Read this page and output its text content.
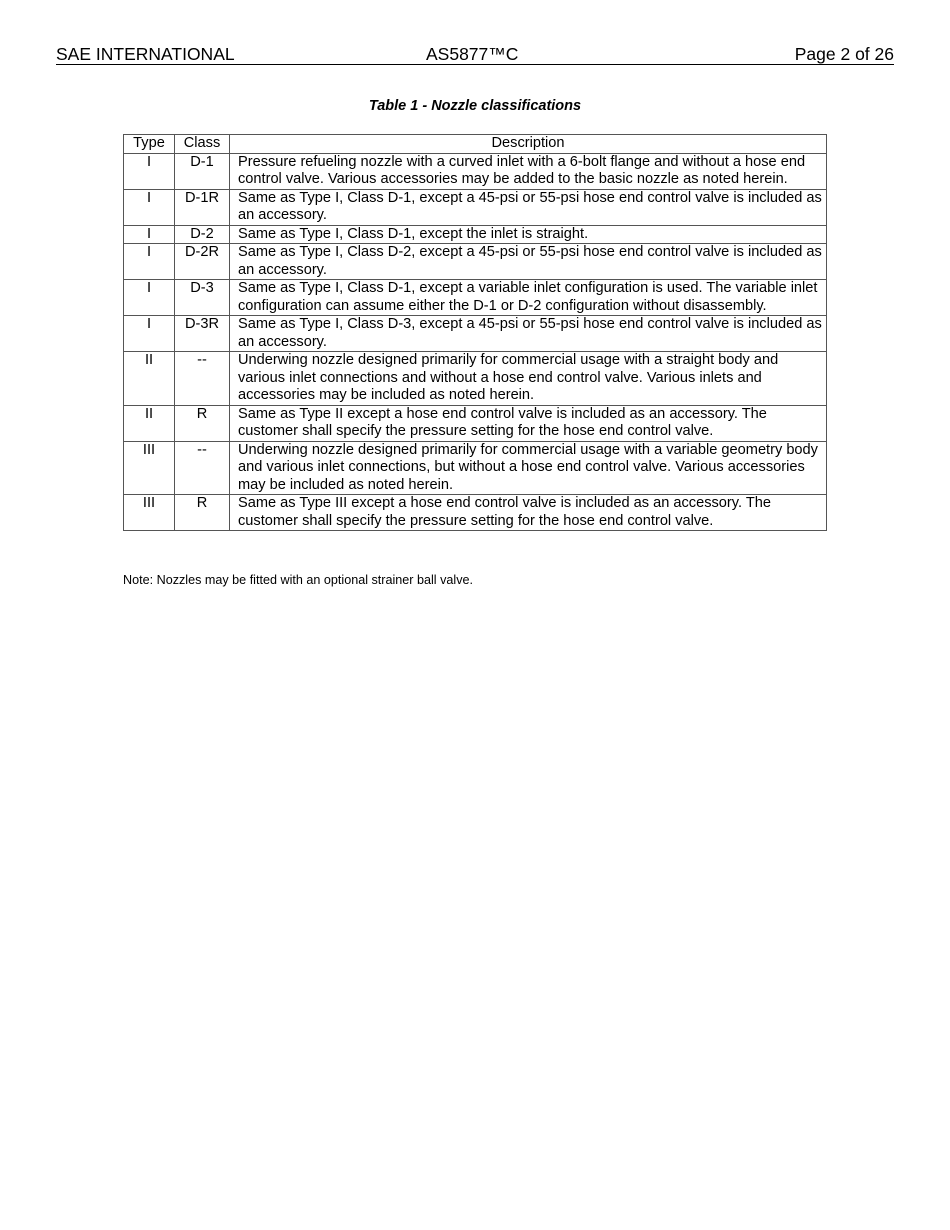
SAE INTERNATIONAL	AS5877™C	Page 2 of 26
Table 1 - Nozzle classifications
Type	Class	Description
I	D-1	Pressure refueling nozzle with a curved inlet with a 6-bolt flange and without a hose end control valve. Various accessories may be added to the basic nozzle as noted herein.
I	D-1R	Same as Type I, Class D-1, except a 45-psi or 55-psi hose end control valve is included as an accessory.
I	D-2	Same as Type I, Class D-1, except the inlet is straight.
I	D-2R	Same as Type I, Class D-2, except a 45-psi or 55-psi hose end control valve is included as an accessory.
I	D-3	Same as Type I, Class D-1, except a variable inlet configuration is used. The variable inlet configuration can assume either the D-1 or D-2 configuration without disassembly.
I	D-3R	Same as Type I, Class D-3, except a 45-psi or 55-psi hose end control valve is included as an accessory.
II	--	Underwing nozzle designed primarily for commercial usage with a straight body and various inlet connections and without a hose end control valve. Various inlets and accessories may be included as noted herein.
II	R	Same as Type II except a hose end control valve is included as an accessory. The customer shall specify the pressure setting for the hose end control valve.
III	--	Underwing nozzle designed primarily for commercial usage with a variable geometry body and various inlet connections, but without a hose end control valve. Various accessories may be included as noted herein.
III	R	Same as Type III except a hose end control valve is included as an accessory. The customer shall specify the pressure setting for the hose end control valve.
Note: Nozzles may be fitted with an optional strainer ball valve.
